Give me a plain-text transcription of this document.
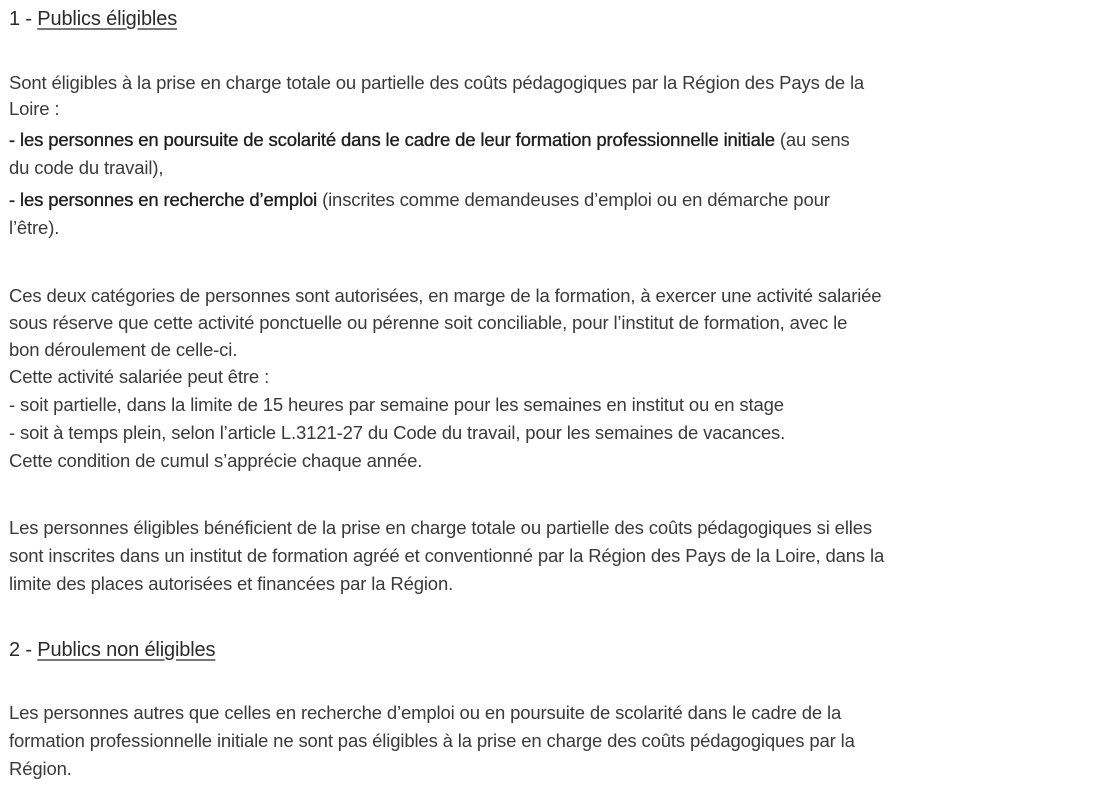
1 - Publics éligibles
Sont éligibles à la prise en charge totale ou partielle des coûts pédagogiques par la Région des Pays de la
Loire :
- les personnes en poursuite de scolarité dans le cadre de leur formation professionnelle initiale (au sens
du code du travail),
- les personnes en recherche d’emploi (inscrites comme demandeuses d’emploi ou en démarche pour
l’être).
Ces deux catégories de personnes sont autorisées, en marge de la formation, à exercer une activité salariée
sous réserve que cette activité ponctuelle ou pérenne soit conciliable, pour l’institut de formation, avec le
bon déroulement de celle-ci.
Cette activité salariée peut être :
- soit partielle, dans la limite de 15 heures par semaine pour les semaines en institut ou en stage
- soit à temps plein, selon l’article L.3121-27 du Code du travail, pour les semaines de vacances.
Cette condition de cumul s’apprécie chaque année.
Les personnes éligibles bénéficient de la prise en charge totale ou partielle des coûts pédagogiques si elles
sont inscrites dans un institut de formation agréé et conventionné par la Région des Pays de la Loire, dans la
limite des places autorisées et financées par la Région.
2 - Publics non éligibles
Les personnes autres que celles en recherche d’emploi ou en poursuite de scolarité dans le cadre de la
formation professionnelle initiale ne sont pas éligibles à la prise en charge des coûts pédagogiques par la
Région.
